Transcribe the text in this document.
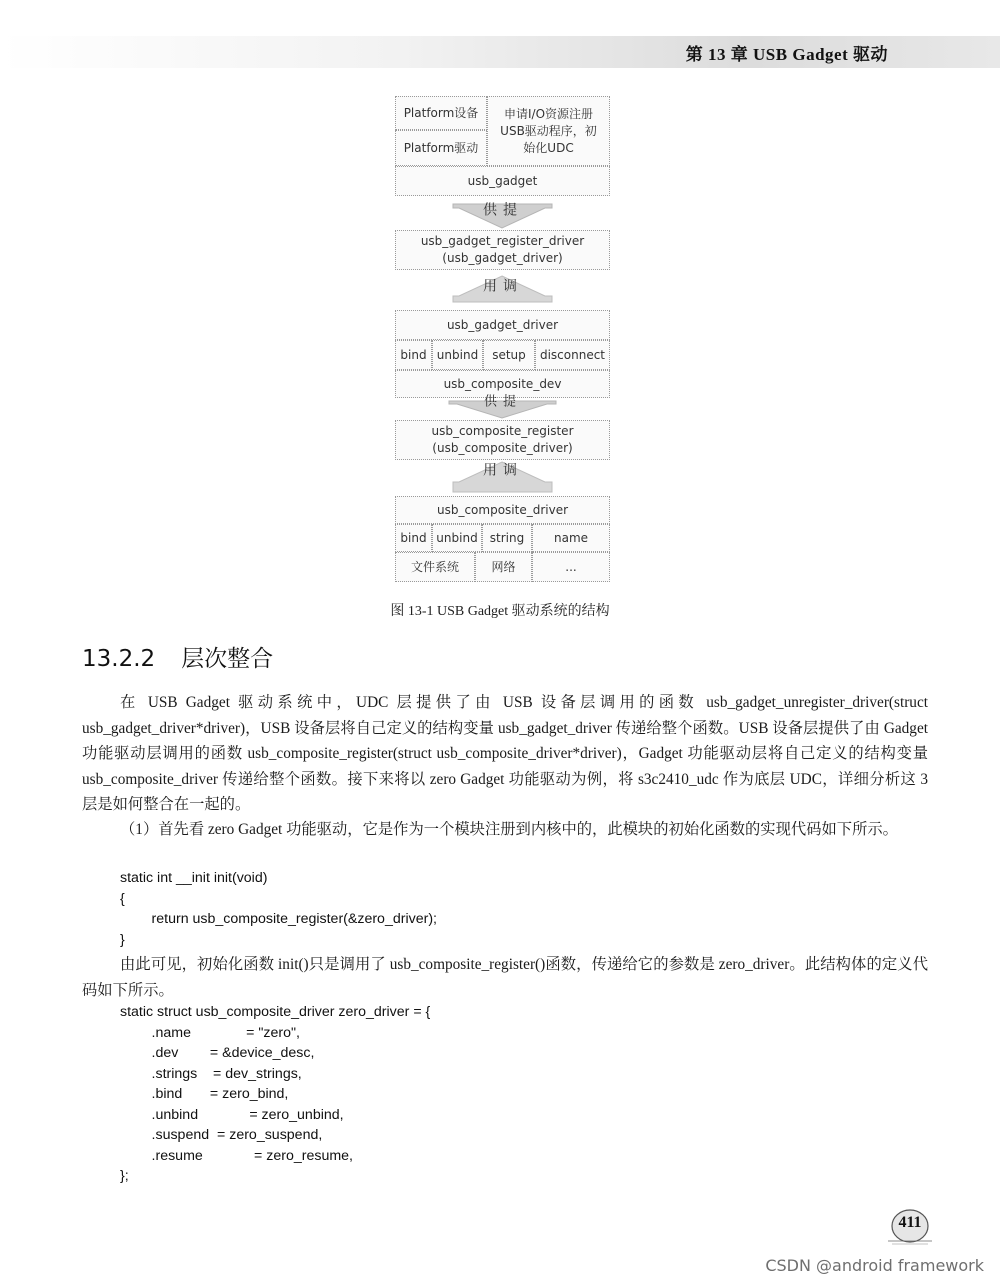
第 13 章 USB Gadget 驱动
Platform设备
Platform驱动
申请I/O资源注册
USB驱动程序，初
始化UDC
usb_gadget
提供
usb_gadget_register_driver
(usb_gadget_driver)
调用
usb_gadget_driver
bind unbind setup disconnect
usb_composite_dev
提供
usb_composite_register
(usb_composite_driver)
调用
usb_composite_driver
bind unbind string name
文件系统	网络	...
图 13-1 USB Gadget 驱动系统的结构
13.2.2 层次整合
在 USB Gadget 驱动系统中，UDC 层提供了由 USB 设备层调用的函数 usb_gadget_unregister_driver(struct usb_gadget_driver*driver)，USB 设备层将自己定义的结构变量 usb_gadget_driver 传递给整个函数。USB 设备层提供了由 Gadget 功能驱动层调用的函数 usb_composite_register(struct usb_composite_driver*driver)，Gadget 功能驱动层将自己定义的结构变量 usb_composite_driver 传递给整个函数。接下来将以 zero Gadget 功能驱动为例，将 s3c2410_udc 作为底层 UDC，详细分析这 3 层是如何整合在一起的。
（1）首先看 zero Gadget 功能驱动，它是作为一个模块注册到内核中的，此模块的初始化函数的实现代码如下所示。
static int __init init(void)
{
return usb_composite_register(&zero_driver);
}
由此可见，初始化函数 init()只是调用了 usb_composite_register()函数，传递给它的参数是 zero_driver。此结构体的定义代码如下所示。
static struct usb_composite_driver zero_driver = {
.name              = "zero",
.dev        = &device_desc,
.strings    = dev_strings,
.bind       = zero_bind,
.unbind             = zero_unbind,
.suspend  = zero_suspend,
.resume             = zero_resume,
};
411
CSDN @android framework
